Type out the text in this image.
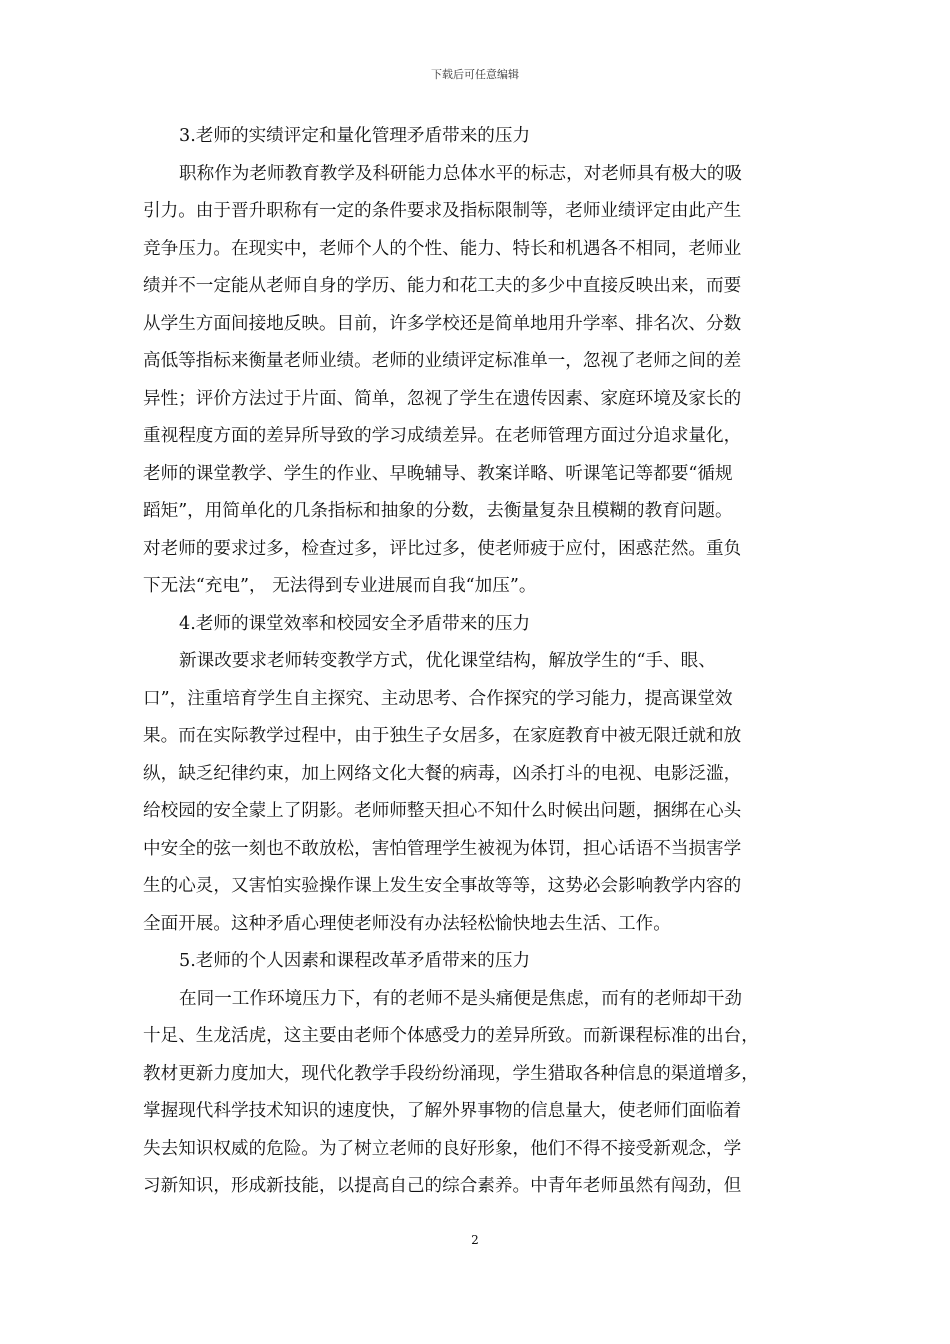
下载后可任意编辑
3.老师的实绩评定和量化管理矛盾带来的压力
职称作为老师教育教学及科研能力总体水平的标志，对老师具有极大的吸
引力。由于晋升职称有一定的条件要求及指标限制等，老师业绩评定由此产生
竞争压力。在现实中，老师个人的个性、能力、特长和机遇各不相同，老师业
绩并不一定能从老师自身的学历、能力和花工夫的多少中直接反映出来，而要
从学生方面间接地反映。目前，许多学校还是简单地用升学率、排名次、分数
高低等指标来衡量老师业绩。老师的业绩评定标准单一，忽视了老师之间的差
异性；评价方法过于片面、简单，忽视了学生在遗传因素、家庭环境及家长的
重视程度方面的差异所导致的学习成绩差异。在老师管理方面过分追求量化，
老师的课堂教学、学生的作业、早晚辅导、教案详略、听课笔记等都要“循规
蹈矩”，用简单化的几条指标和抽象的分数，去衡量复杂且模糊的教育问题。
对老师的要求过多，检查过多，评比过多，使老师疲于应付，困惑茫然。重负
下无法“充电”， 无法得到专业进展而自我“加压”。
4.老师的课堂效率和校园安全矛盾带来的压力
新课改要求老师转变教学方式，优化课堂结构，解放学生的“手、眼、
口”，注重培育学生自主探究、主动思考、合作探究的学习能力，提高课堂效
果。而在实际教学过程中，由于独生子女居多，在家庭教育中被无限迁就和放
纵，缺乏纪律约束，加上网络文化大餐的病毒，凶杀打斗的电视、电影泛滥，
给校园的安全蒙上了阴影。老师师整天担心不知什么时候出问题，捆绑在心头
中安全的弦一刻也不敢放松，害怕管理学生被视为体罚，担心话语不当损害学
生的心灵，又害怕实验操作课上发生安全事故等等，这势必会影响教学内容的
全面开展。这种矛盾心理使老师没有办法轻松愉快地去生活、工作。
5.老师的个人因素和课程改革矛盾带来的压力
在同一工作环境压力下，有的老师不是头痛便是焦虑，而有的老师却干劲
十足、生龙活虎，这主要由老师个体感受力的差异所致。而新课程标准的出台，
教材更新力度加大，现代化教学手段纷纷涌现，学生猎取各种信息的渠道增多，
掌握现代科学技术知识的速度快，了解外界事物的信息量大，使老师们面临着
失去知识权威的危险。为了树立老师的良好形象，他们不得不接受新观念，学
习新知识，形成新技能，以提高自己的综合素养。中青年老师虽然有闯劲，但
2
